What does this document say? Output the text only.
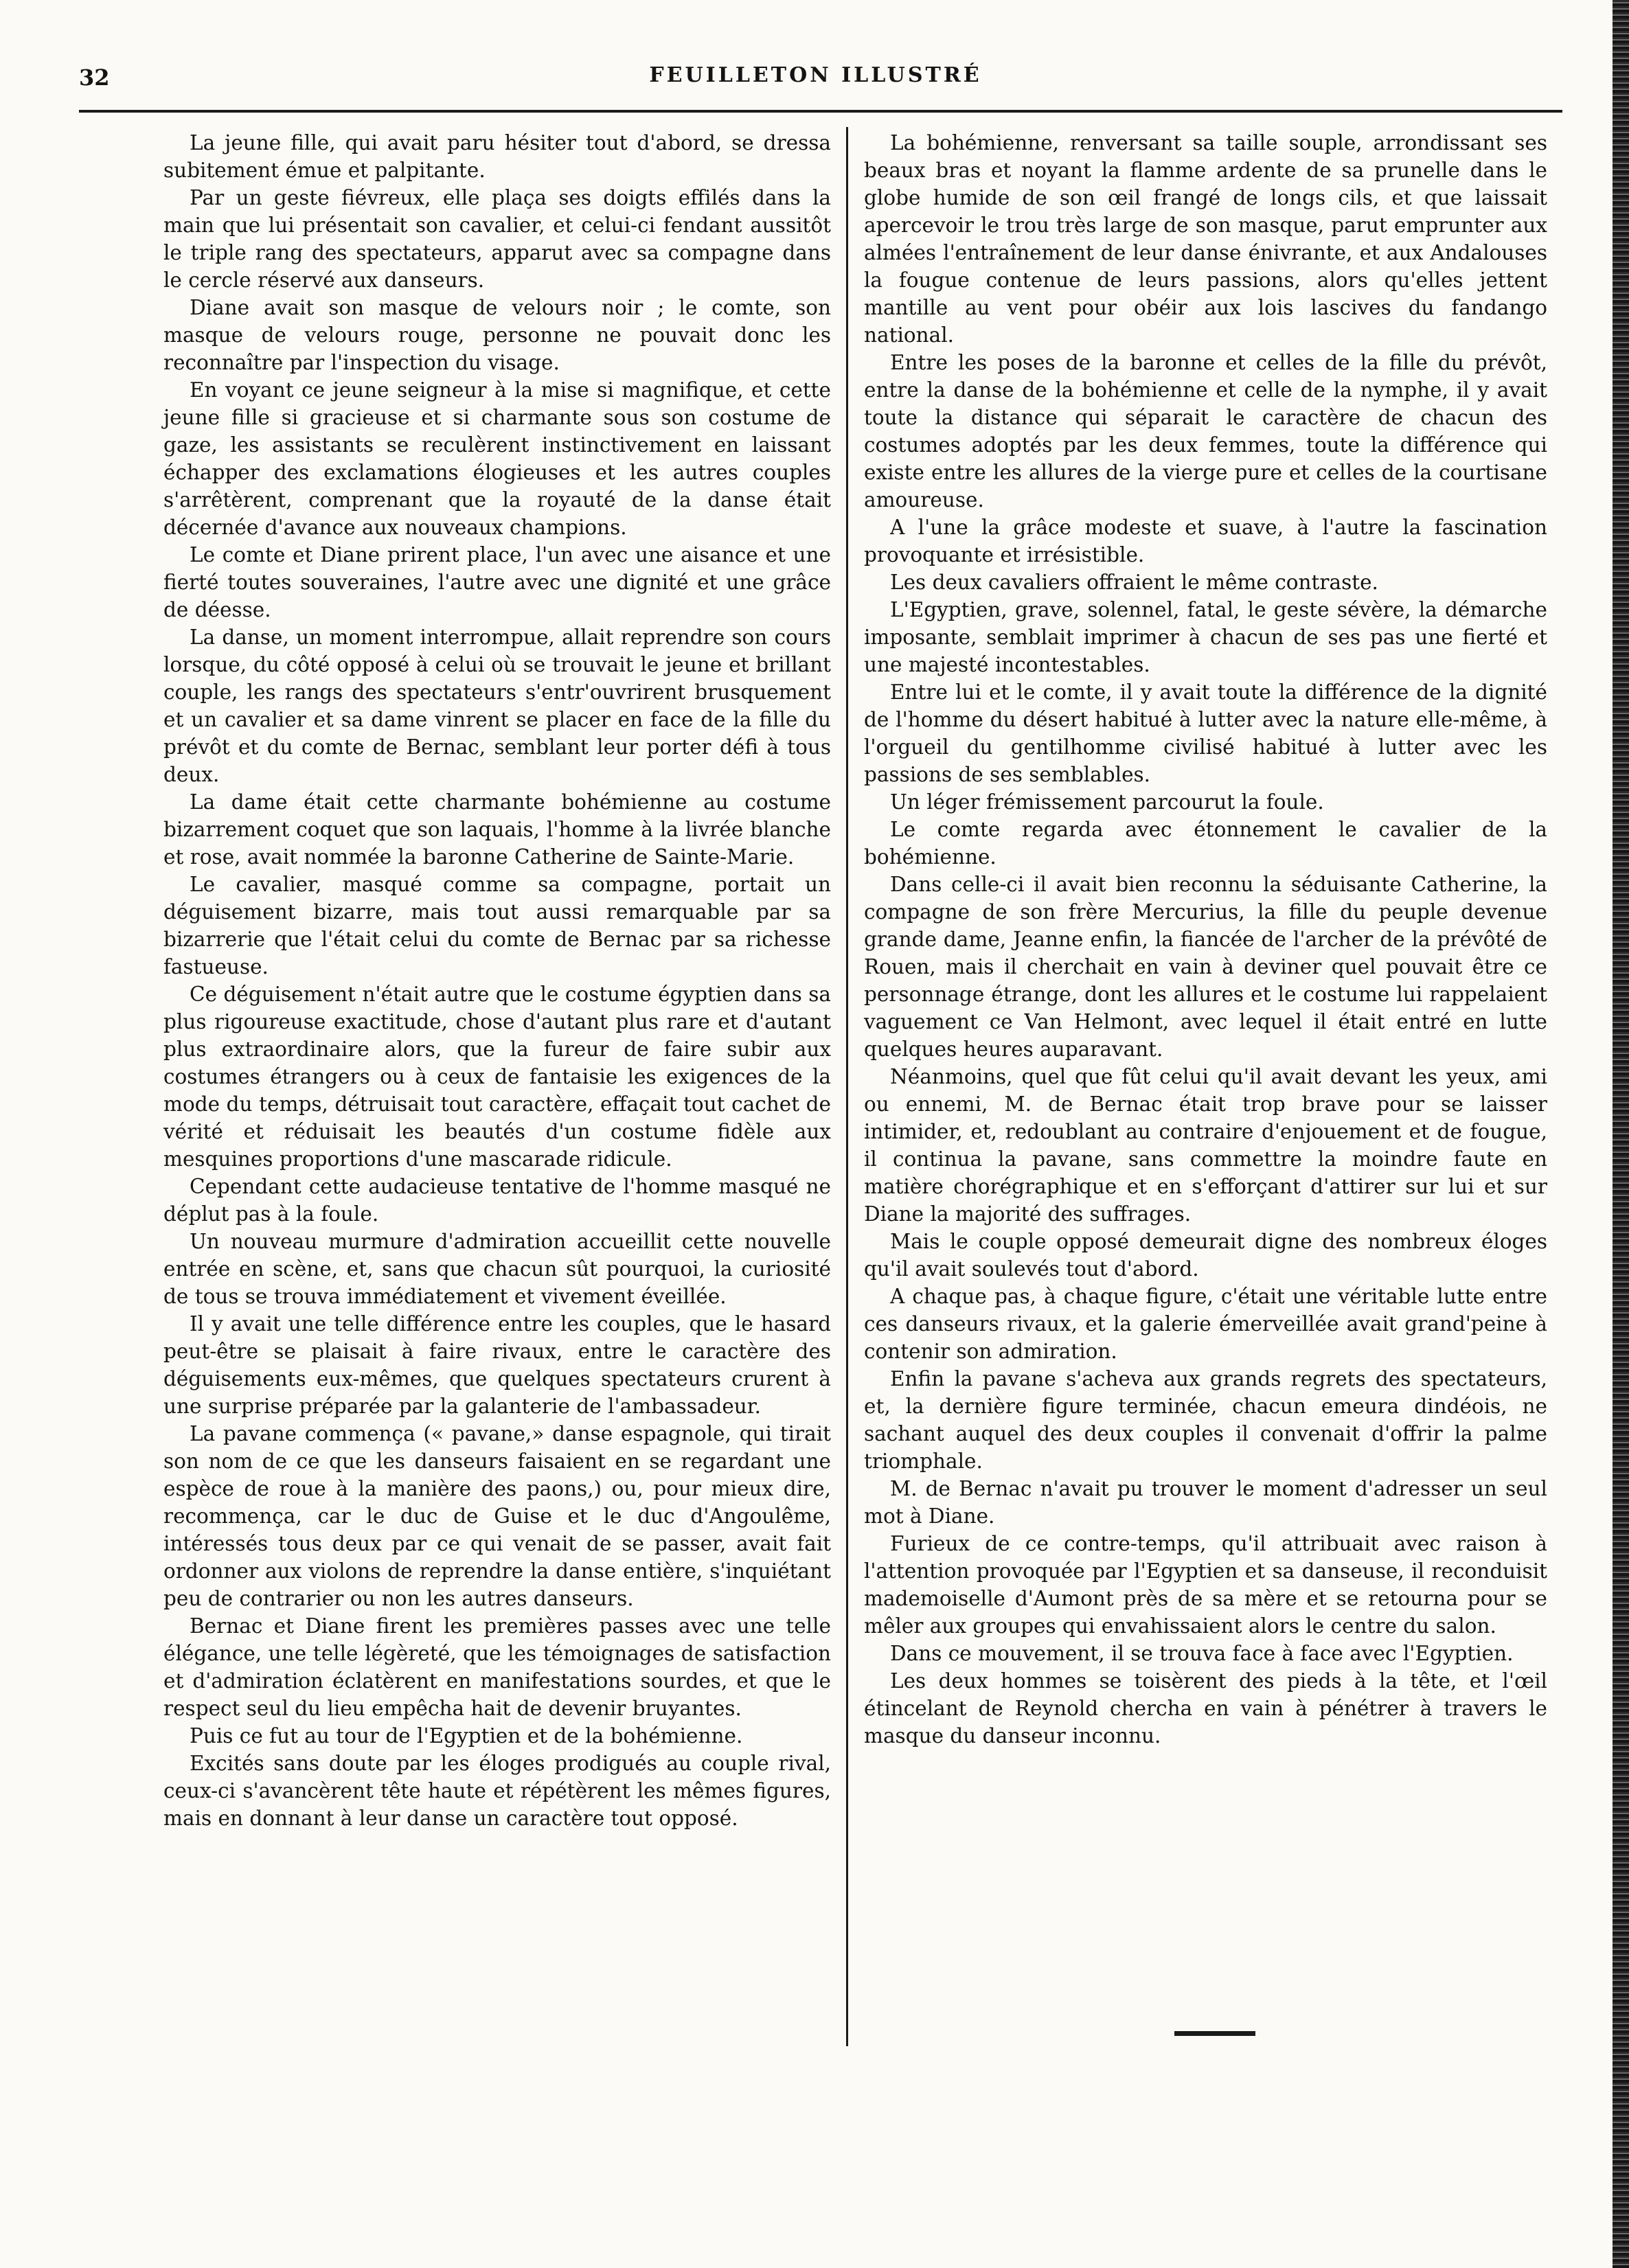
32	FEUILLETON ILLUSTRÉ

La jeune fille, qui avait paru hésiter tout d'abord, se dressa subitement émue et palpitante.

Par un geste fiévreux, elle plaça ses doigts effilés dans la main que lui présentait son cavalier, et celui-ci fendant aussitôt le triple rang des spectateurs, apparut avec sa compagne dans le cercle réservé aux danseurs.

Diane avait son masque de velours noir ; le comte, son masque de velours rouge, personne ne pouvait donc les reconnaître par l'inspection du visage.

En voyant ce jeune seigneur à la mise si magnifique, et cette jeune fille si gracieuse et si charmante sous son costume de gaze, les assistants se reculèrent instinctivement en laissant échapper des exclamations élogieuses et les autres couples s'arrêtèrent, comprenant que la royauté de la danse était décernée d'avance aux nouveaux champions.

Le comte et Diane prirent place, l'un avec une aisance et une fierté toutes souveraines, l'autre avec une dignité et une grâce de déesse.

La danse, un moment interrompue, allait reprendre son cours lorsque, du côté opposé à celui où se trouvait le jeune et brillant couple, les rangs des spectateurs s'entr'ouvrirent brusquement et un cavalier et sa dame vinrent se placer en face de la fille du prévôt et du comte de Bernac, semblant leur porter défi à tous deux.

La dame était cette charmante bohémienne au costume bizarrement coquet que son laquais, l'homme à la livrée blanche et rose, avait nommée la baronne Catherine de Sainte-Marie.

Le cavalier, masqué comme sa compagne, portait un déguisement bizarre, mais tout aussi remarquable par sa bizarrerie que l'était celui du comte de Bernac par sa richesse fastueuse.

Ce déguisement n'était autre que le costume égyptien dans sa plus rigoureuse exactitude, chose d'autant plus rare et d'autant plus extraordinaire alors, que la fureur de faire subir aux costumes étrangers ou à ceux de fantaisie les exigences de la mode du temps, détruisait tout caractère, effaçait tout cachet de vérité et réduisait les beautés d'un costume fidèle aux mesquines proportions d'une mascarade ridicule.

Cependant cette audacieuse tentative de l'homme masqué ne déplut pas à la foule.

Un nouveau murmure d'admiration accueillit cette nouvelle entrée en scène, et, sans que chacun sût pourquoi, la curiosité de tous se trouva immédiatement et vivement éveillée.

Il y avait une telle différence entre les couples, que le hasard peut-être se plaisait à faire rivaux, entre le caractère des déguisements eux-mêmes, que quelques spectateurs crurent à une surprise préparée par la galanterie de l'ambassadeur.

La pavane commença (« pavane,» danse espagnole, qui tirait son nom de ce que les danseurs faisaient en se regardant une espèce de roue à la manière des paons,) ou, pour mieux dire, recommença, car le duc de Guise et le duc d'Angoulême, intéressés tous deux par ce qui venait de se passer, avait fait ordonner aux violons de reprendre la danse entière, s'inquiétant peu de contrarier ou non les autres danseurs.

Bernac et Diane firent les premières passes avec une telle élégance, une telle légèreté, que les témoignages de satisfaction et d'admiration éclatèrent en manifestations sourdes, et que le respect seul du lieu empêcha hait de devenir bruyantes.

Puis ce fut au tour de l'Egyptien et de la bohémienne.

Excités sans doute par les éloges prodigués au couple rival, ceux-ci s'avancèrent tête haute et répétèrent les mêmes figures, mais en donnant à leur danse un caractère tout opposé.

La bohémienne, renversant sa taille souple, arrondissant ses beaux bras et noyant la flamme ardente de sa prunelle dans le globe humide de son œil frangé de longs cils, et que laissait apercevoir le trou très large de son masque, parut emprunter aux almées l'entraînement de leur danse énivrante, et aux Andalouses la fougue contenue de leurs passions, alors qu'elles jettent mantille au vent pour obéir aux lois lascives du fandango national.

Entre les poses de la baronne et celles de la fille du prévôt, entre la danse de la bohémienne et celle de la nymphe, il y avait toute la distance qui séparait le caractère de chacun des costumes adoptés par les deux femmes, toute la différence qui existe entre les allures de la vierge pure et celles de la courtisane amoureuse.

A l'une la grâce modeste et suave, à l'autre la fascination provoquante et irrésistible.

Les deux cavaliers offraient le même contraste.

L'Egyptien, grave, solennel, fatal, le geste sévère, la démarche imposante, semblait imprimer à chacun de ses pas une fierté et une majesté incontestables.

Entre lui et le comte, il y avait toute la différence de la dignité de l'homme du désert habitué à lutter avec la nature elle-même, à l'orgueil du gentilhomme civilisé habitué à lutter avec les passions de ses semblables.

Un léger frémissement parcourut la foule.

Le comte regarda avec étonnement le cavalier de la bohémienne.

Dans celle-ci il avait bien reconnu la séduisante Catherine, la compagne de son frère Mercurius, la fille du peuple devenue grande dame, Jeanne enfin, la fiancée de l'archer de la prévôté de Rouen, mais il cherchait en vain à deviner quel pouvait être ce personnage étrange, dont les allures et le costume lui rappelaient vaguement ce Van Helmont, avec lequel il était entré en lutte quelques heures auparavant.

Néanmoins, quel que fût celui qu'il avait devant les yeux, ami ou ennemi, M. de Bernac était trop brave pour se laisser intimider, et, redoublant au contraire d'enjouement et de fougue, il continua la pavane, sans commettre la moindre faute en matière chorégraphique et en s'efforçant d'attirer sur lui et sur Diane la majorité des suffrages.

Mais le couple opposé demeurait digne des nombreux éloges qu'il avait soulevés tout d'abord.

A chaque pas, à chaque figure, c'était une véritable lutte entre ces danseurs rivaux, et la galerie émerveillée avait grand'peine à contenir son admiration.

Enfin la pavane s'acheva aux grands regrets des spectateurs, et, la dernière figure terminée, chacun emeura dindéois, ne sachant auquel des deux couples il convenait d'offrir la palme triomphale.

M. de Bernac n'avait pu trouver le moment d'adresser un seul mot à Diane.

Furieux de ce contre-temps, qu'il attribuait avec raison à l'attention provoquée par l'Egyptien et sa danseuse, il reconduisit mademoiselle d'Aumont près de sa mère et se retourna pour se mêler aux groupes qui envahissaient alors le centre du salon.

Dans ce mouvement, il se trouva face à face avec l'Egyptien.

Les deux hommes se toisèrent des pieds à la tête, et l'œil étincelant de Reynold chercha en vain à pénétrer à travers le masque du danseur inconnu.
